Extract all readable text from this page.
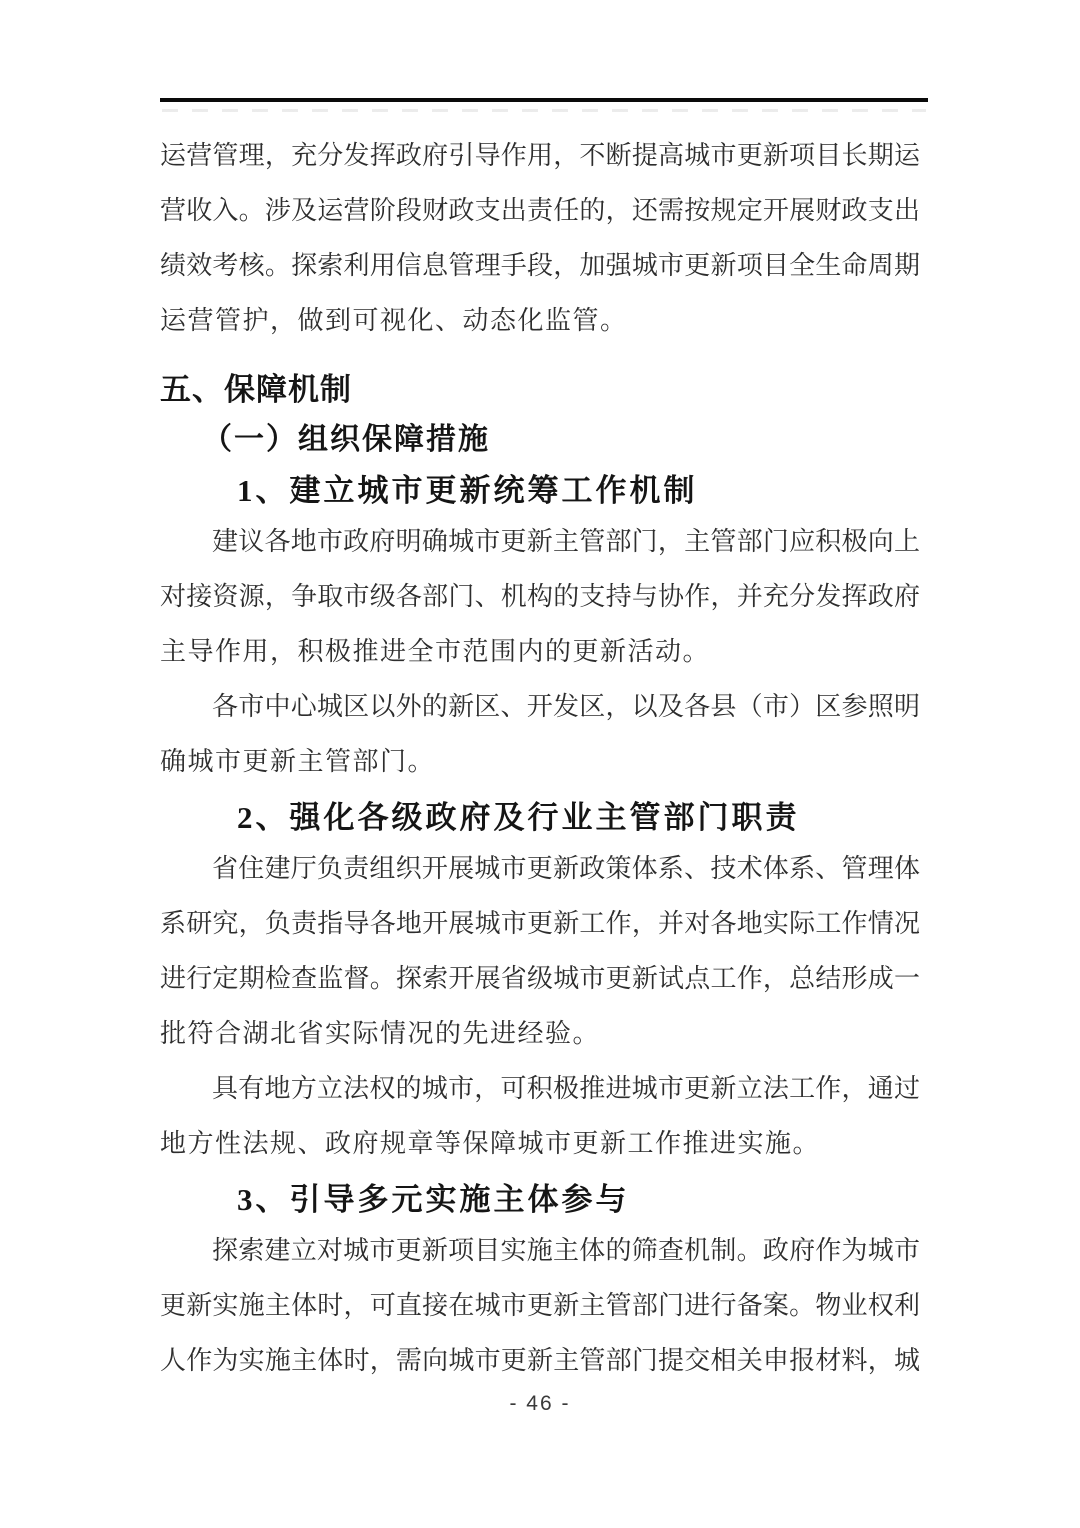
运营管理，充分发挥政府引导作用，不断提高城市更新项目长期运
营收入。涉及运营阶段财政支出责任的，还需按规定开展财政支出
绩效考核。探索利用信息管理手段，加强城市更新项目全生命周期
运营管护，做到可视化、动态化监管。
五、保障机制
（一）组织保障措施
1、建立城市更新统筹工作机制
建议各地市政府明确城市更新主管部门，主管部门应积极向上
对接资源，争取市级各部门、机构的支持与协作，并充分发挥政府
主导作用，积极推进全市范围内的更新活动。
各市中心城区以外的新区、开发区，以及各县（市）区参照明
确城市更新主管部门。
2、强化各级政府及行业主管部门职责
省住建厅负责组织开展城市更新政策体系、技术体系、管理体
系研究，负责指导各地开展城市更新工作，并对各地实际工作情况
进行定期检查监督。探索开展省级城市更新试点工作，总结形成一
批符合湖北省实际情况的先进经验。
具有地方立法权的城市，可积极推进城市更新立法工作，通过
地方性法规、政府规章等保障城市更新工作推进实施。
3、引导多元实施主体参与
探索建立对城市更新项目实施主体的筛查机制。政府作为城市
更新实施主体时，可直接在城市更新主管部门进行备案。物业权利
人作为实施主体时，需向城市更新主管部门提交相关申报材料，城
- 46 -
